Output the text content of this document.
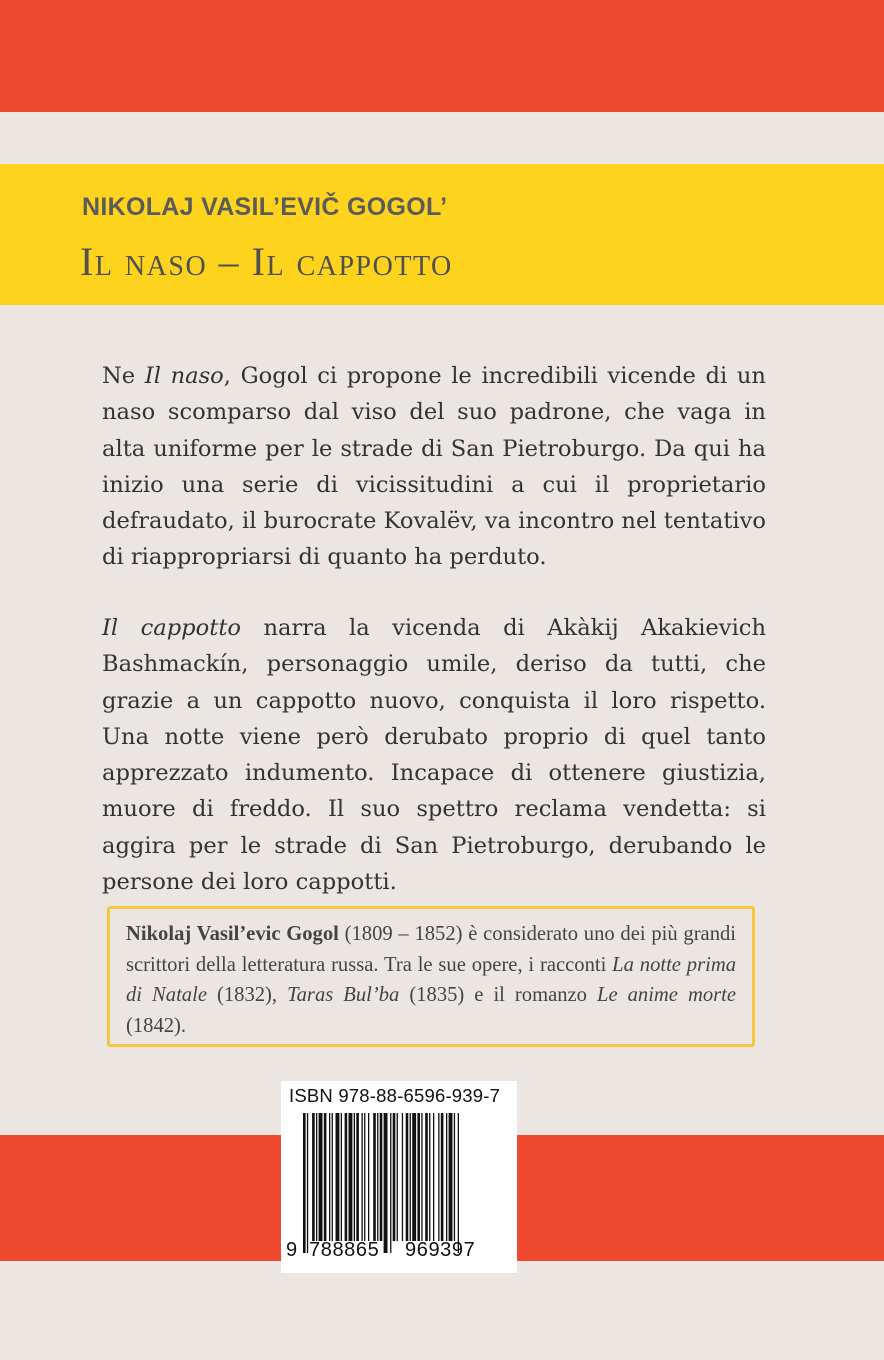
NIKOLAJ VASIL’EVIČ GOGOL’
Il naso – Il cappotto
Ne Il naso, Gogol ci propone le incredibili vicende di un naso scomparso dal viso del suo padrone, che vaga in alta uniforme per le strade di San Pietroburgo. Da qui ha inizio una serie di vicissitudini a cui il proprietario defraudato, il burocrate Kovalëv, va incontro nel tentativo di riappropriarsi di quanto ha perduto.
Il cappotto narra la vicenda di Akàkij Akakievich Bashmackín, personaggio umile, deriso da tutti, che grazie a un cappotto nuovo, conquista il loro rispetto. Una notte viene però derubato proprio di quel tanto apprezzato indumento. Incapace di ottenere giustizia, muore di freddo. Il suo spettro reclama vendetta: si aggira per le strade di San Pietroburgo, derubando le persone dei loro cappotti.
Nikolaj Vasil’evic Gogol (1809 – 1852) è considerato uno dei più grandi scrittori della letteratura russa. Tra le sue opere, i racconti La notte prima di Natale (1832), Taras Bul’ba (1835) e il romanzo Le anime morte (1842).
ISBN 978-88-6596-939-7
9 788865 969397
